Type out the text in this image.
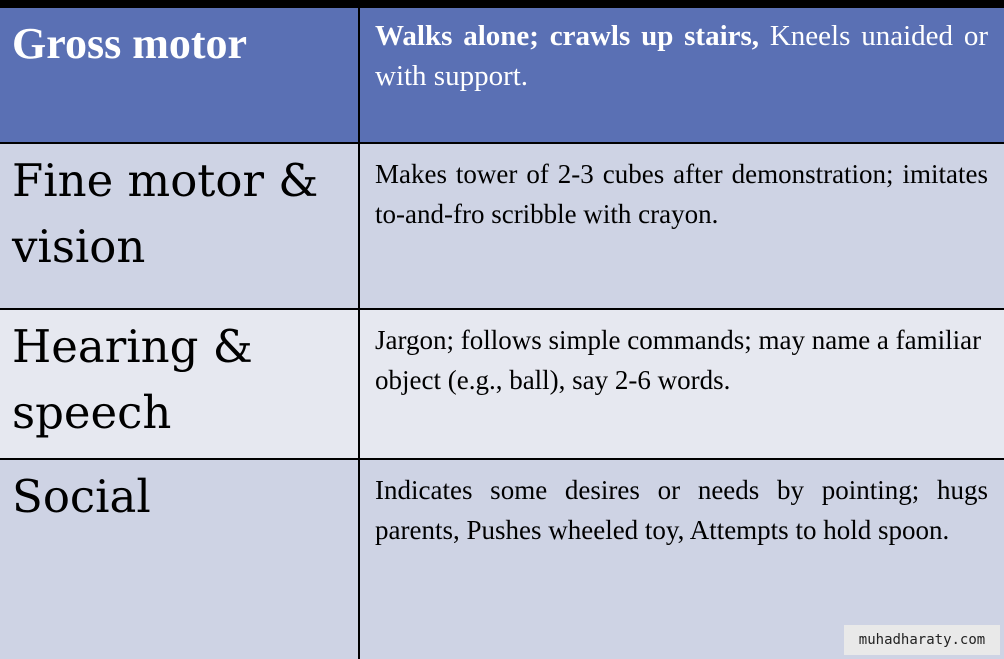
Gross motor	Walks alone; crawls up stairs, Kneels unaided or with support.
Fine motor & vision
Makes tower of 2-3 cubes after demonstration; imitates to-and-fro scribble with crayon.
Hearing & speech
Jargon; follows simple commands; may name a familiar object (e.g., ball), say 2-6 words.
Social	Indicates some desires or needs by pointing; hugs parents, Pushes wheeled toy, Attempts to hold spoon.
muhadharaty.com
